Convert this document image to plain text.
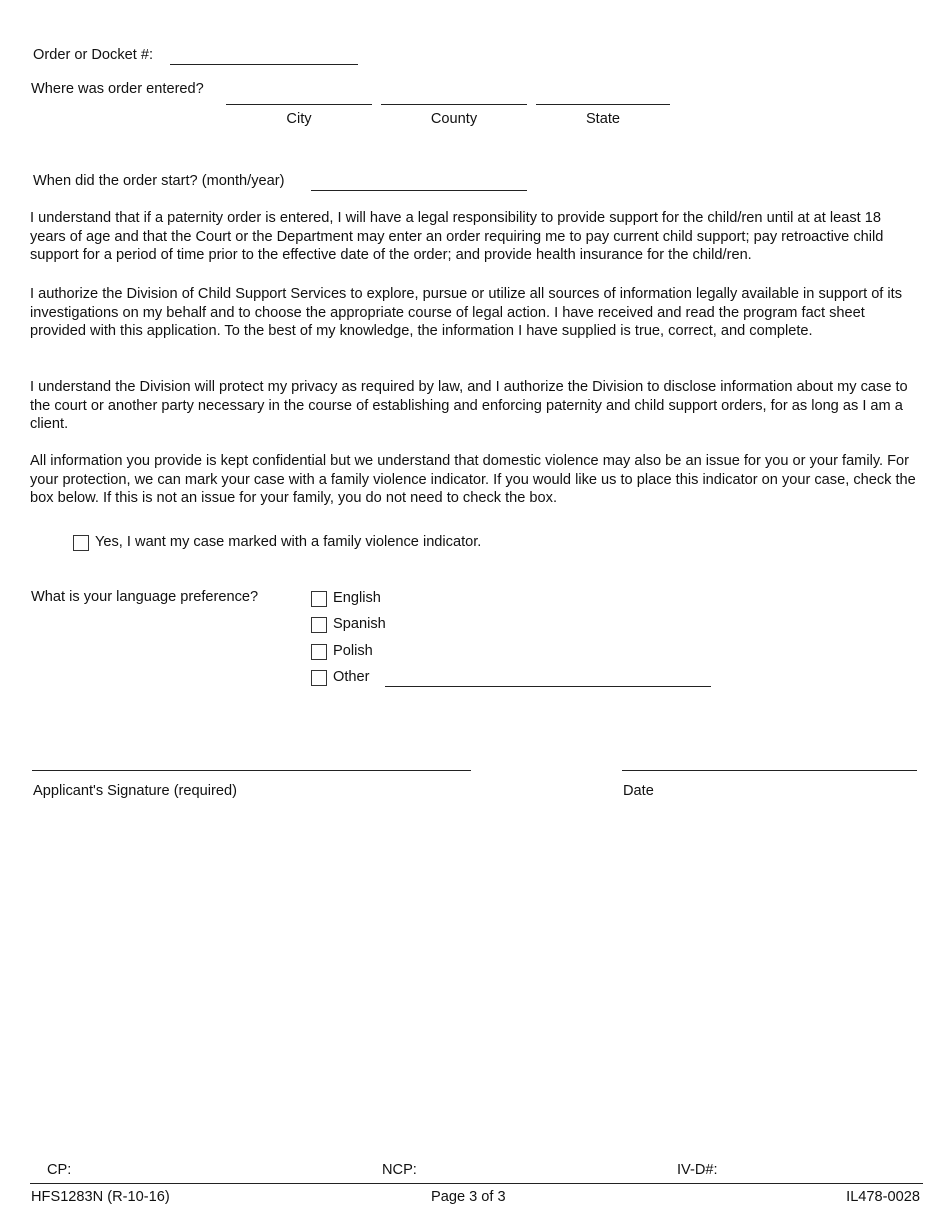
Order or Docket #:
Where was order entered?
City	County	State
When did the order start? (month/year)

I understand that if a paternity order is entered, I will have a legal responsibility to provide support for the child/ren until at at least 18 years of age and that the Court or the Department may enter an order requiring me to pay current child support; pay retroactive child support for a period of time prior to the effective date of the order; and provide health insurance for the child/ren.

I authorize the Division of Child Support Services to explore, pursue or utilize all sources of information legally available in support of its investigations on my behalf and to choose the appropriate course of legal action. I have received and read the program fact sheet provided with this application. To the best of my knowledge, the information I have supplied is true, correct, and complete.

I understand the Division will protect my privacy as required by law, and I authorize the Division to disclose information about my case to the court or another party necessary in the course of establishing and enforcing paternity and child support orders, for as long as I am a client.

All information you provide is kept confidential but we understand that domestic violence may also be an issue for you or your family. For your protection, we can mark your case with a family violence indicator. If you would like us to place this indicator on your case, check the box below. If this is not an issue for your family, you do not need to check the box.

Yes, I want my case marked with a family violence indicator.
What is your language preference?	English
Spanish
Polish
Other
Applicant's Signature (required)	Date
CP:	NCP:	IV-D#:
HFS1283N (R-10-16)	Page 3 of 3	IL478-0028
